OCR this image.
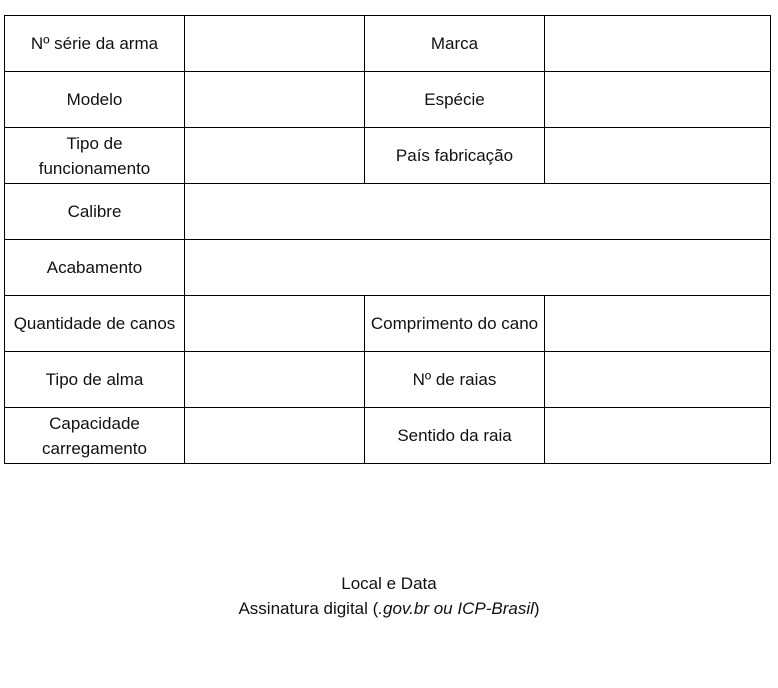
Nº série da arma		Marca	
Modelo		Espécie	
Tipo de funcionamento		País fabricação	
Calibre			
Acabamento			
Quantidade de canos		Comprimento do cano	
Tipo de alma		Nº de raias	
Capacidade carregamento		Sentido da raia	
Local e Data
Assinatura digital (.gov.br ou ICP-Brasil)
